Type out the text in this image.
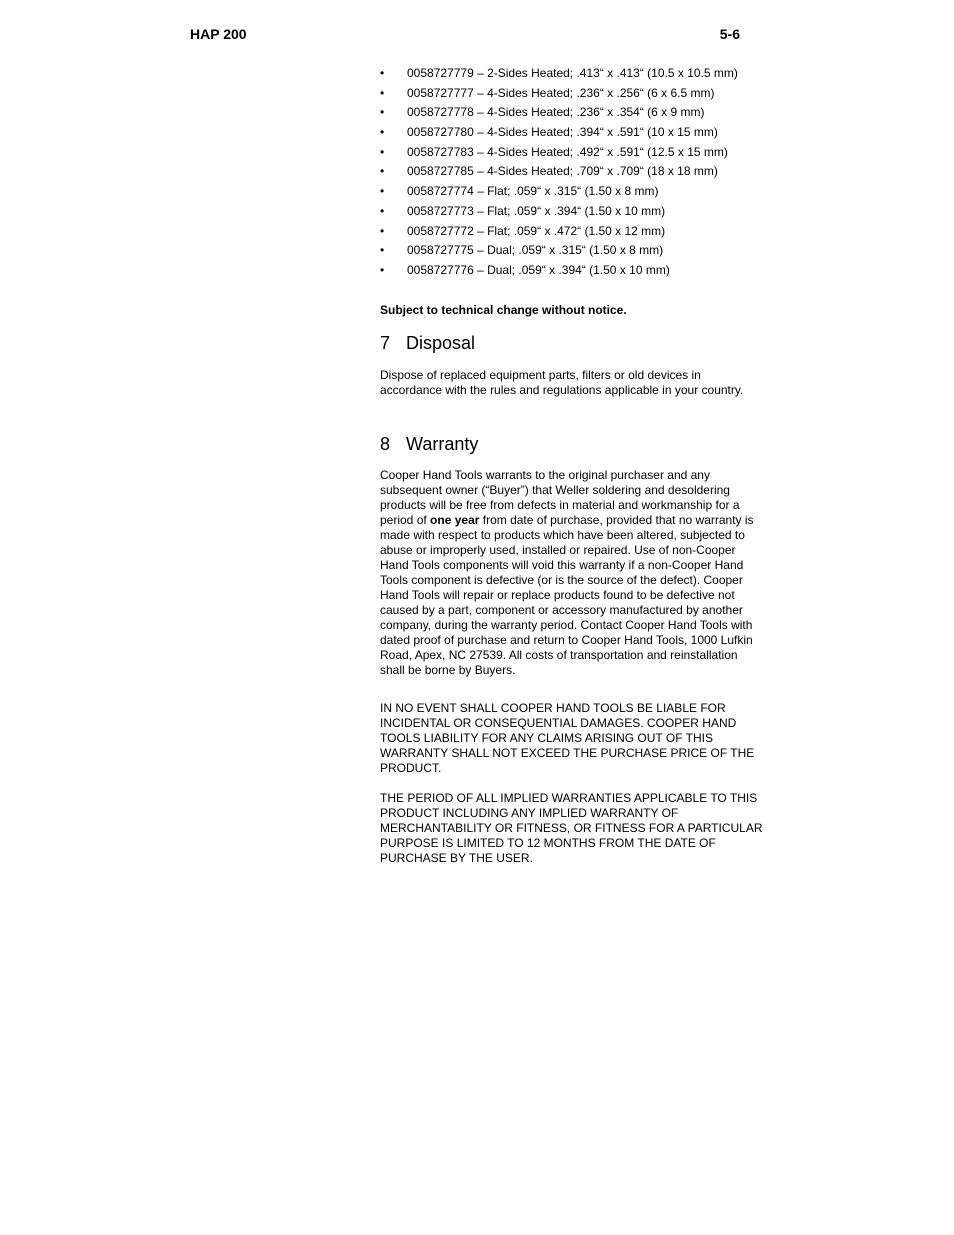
HAP 200	5-6
• 0058727779 – 2-Sides Heated; .413“ x .413“ (10.5 x 10.5 mm)
• 0058727777 – 4-Sides Heated; .236“ x .256“ (6 x 6.5 mm)
• 0058727778 – 4-Sides Heated; .236“ x .354“ (6 x 9 mm)
• 0058727780 – 4-Sides Heated; .394“ x .591“ (10 x 15 mm)
• 0058727783 – 4-Sides Heated; .492“ x .591“ (12.5 x 15 mm)
• 0058727785 – 4-Sides Heated; .709“ x .709“ (18 x 18 mm)
• 0058727774 – Flat; .059“ x .315“ (1.50 x 8 mm)
• 0058727773 – Flat; .059“ x .394“ (1.50 x 10 mm)
• 0058727772 – Flat; .059“ x .472“ (1.50 x 12 mm)
• 0058727775 – Dual; .059“ x .315“ (1.50 x 8 mm)
• 0058727776 – Dual; .059“ x .394“ (1.50 x 10 mm)
Subject to technical change without notice.
7 Disposal

Dispose of replaced equipment parts, filters or old devices in accordance with the rules and regulations applicable in your country.

8 Warranty

Cooper Hand Tools warrants to the original purchaser and any subsequent owner (“Buyer”) that Weller soldering and desoldering products will be free from defects in material and workmanship for a period of one year from date of purchase, provided that no warranty is made with respect to products which have been altered, subjected to abuse or improperly used, installed or repaired. Use of non-Cooper Hand Tools components will void this warranty if a non-Cooper Hand Tools component is defective (or is the source of the defect). Cooper Hand Tools will repair or replace products found to be defective not caused by a part, component or accessory manufactured by another company, during the warranty period. Contact Cooper Hand Tools with dated proof of purchase and return to Cooper Hand Tools, 1000 Lufkin Road, Apex, NC 27539. All costs of transportation and reinstallation shall be borne by Buyers.

IN NO EVENT SHALL COOPER HAND TOOLS BE LIABLE FOR INCIDENTAL OR CONSEQUENTIAL DAMAGES. COOPER HAND TOOLS LIABILITY FOR ANY CLAIMS ARISING OUT OF THIS WARRANTY SHALL NOT EXCEED THE PURCHASE PRICE OF THE PRODUCT.

THE PERIOD OF ALL IMPLIED WARRANTIES APPLICABLE TO THIS PRODUCT INCLUDING ANY IMPLIED WARRANTY OF MERCHANTABILITY OR FITNESS, OR FITNESS FOR A PARTICULAR PURPOSE IS LIMITED TO 12 MONTHS FROM THE DATE OF PURCHASE BY THE USER.
